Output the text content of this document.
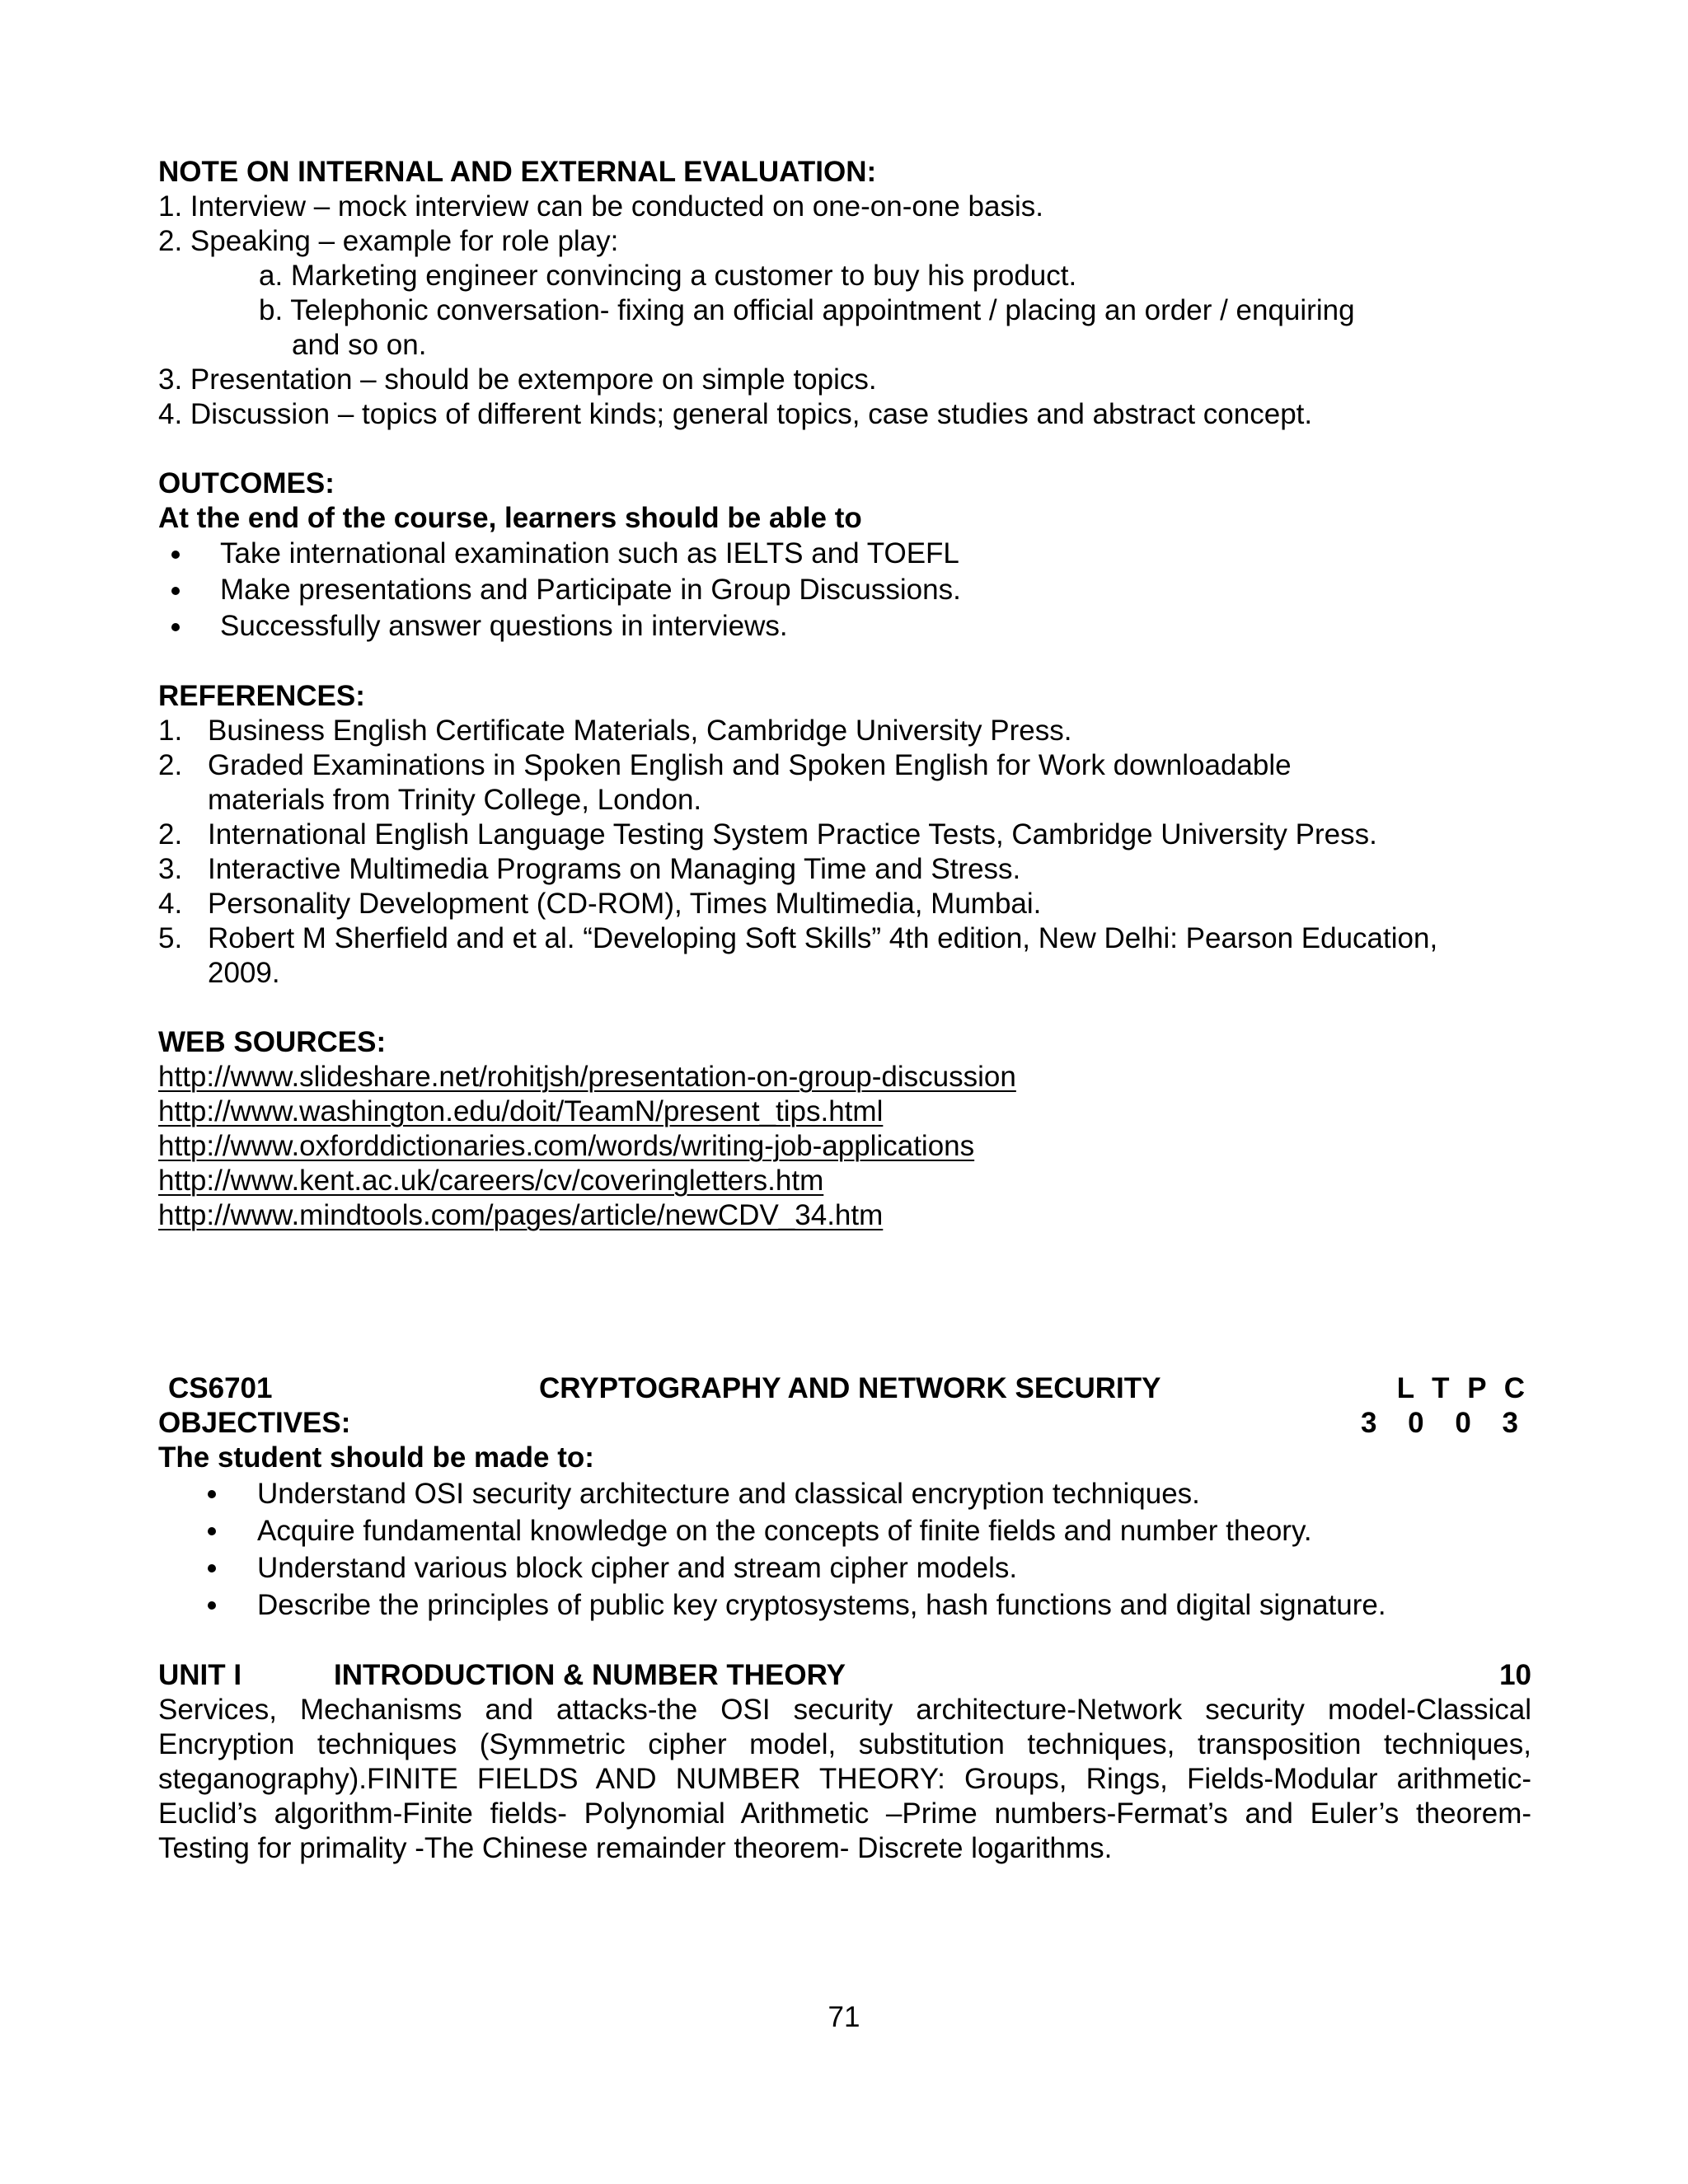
NOTE ON INTERNAL AND EXTERNAL EVALUATION:
1. Interview – mock interview can be conducted on one-on-one basis.
2. Speaking – example for role play:
a. Marketing engineer convincing a customer to buy his product.
b. Telephonic conversation- fixing an official appointment / placing an order / enquiring
and so on.
3. Presentation – should be extempore on simple topics.
4. Discussion – topics of different kinds; general topics, case studies and abstract concept.
OUTCOMES:
At the end of the course, learners should be able to
Take international examination such as IELTS and TOEFL
Make presentations and Participate in Group Discussions.
Successfully answer questions in interviews.
REFERENCES:
1. Business English Certificate Materials, Cambridge University Press.
2. Graded Examinations in Spoken English and Spoken English for Work downloadable
materials from Trinity College, London.
2. International English Language Testing System Practice Tests, Cambridge University Press.
3. Interactive Multimedia Programs on Managing Time and Stress.
4. Personality Development (CD-ROM), Times Multimedia, Mumbai.
5. Robert M Sherfield and et al. “Developing Soft Skills” 4th edition, New Delhi: Pearson Education,
2009.
WEB SOURCES:
http://www.slideshare.net/rohitjsh/presentation-on-group-discussion
http://www.washington.edu/doit/TeamN/present_tips.html
http://www.oxforddictionaries.com/words/writing-job-applications
http://www.kent.ac.uk/careers/cv/coveringletters.htm
http://www.mindtools.com/pages/article/newCDV_34.htm
CS6701	CRYPTOGRAPHY AND NETWORK SECURITY	L T P C
3 0 0 3
OBJECTIVES:
The student should be made to:
Understand OSI security architecture and classical encryption techniques.
Acquire fundamental knowledge on the concepts of finite fields and number theory.
Understand various block cipher and stream cipher models.
Describe the principles of public key cryptosystems, hash functions and digital signature.
UNIT I	INTRODUCTION & NUMBER THEORY	10
Services, Mechanisms and attacks-the OSI security architecture-Network security model-Classical
Encryption techniques (Symmetric cipher model, substitution techniques, transposition techniques,
steganography).FINITE FIELDS AND NUMBER THEORY: Groups, Rings, Fields-Modular arithmetic-
Euclid’s algorithm-Finite fields- Polynomial Arithmetic –Prime numbers-Fermat’s and Euler’s theorem-
Testing for primality -The Chinese remainder theorem- Discrete logarithms.
71
